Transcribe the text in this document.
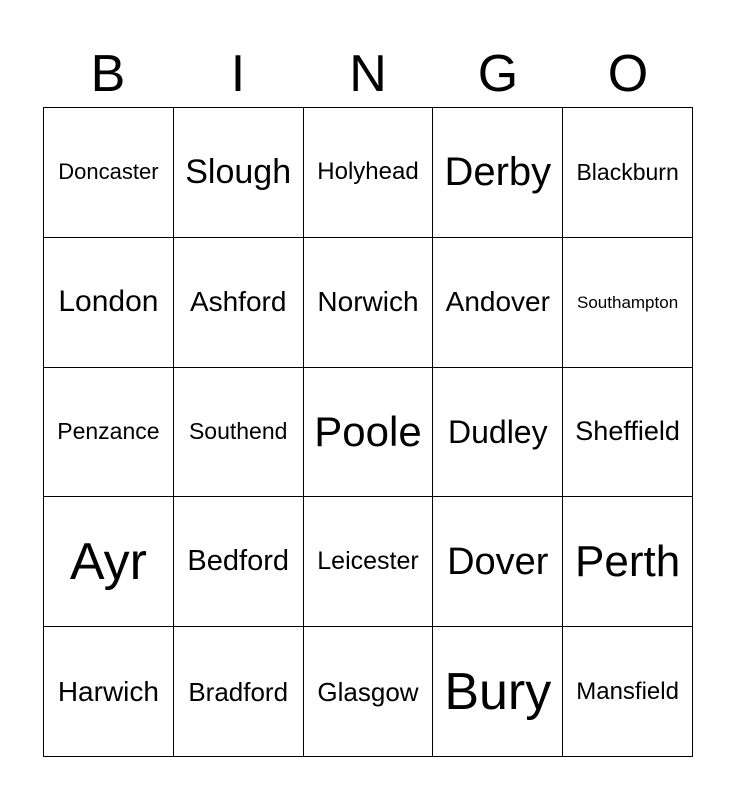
B	I	N	G	O
Doncaster Slough Holyhead Derby Blackburn
London Ashford Norwich Andover Southampton
Penzance Southend Poole Dudley Sheffield
Ayr Bedford Leicester Dover Perth
Harwich Bradford Glasgow Bury Mansfield
